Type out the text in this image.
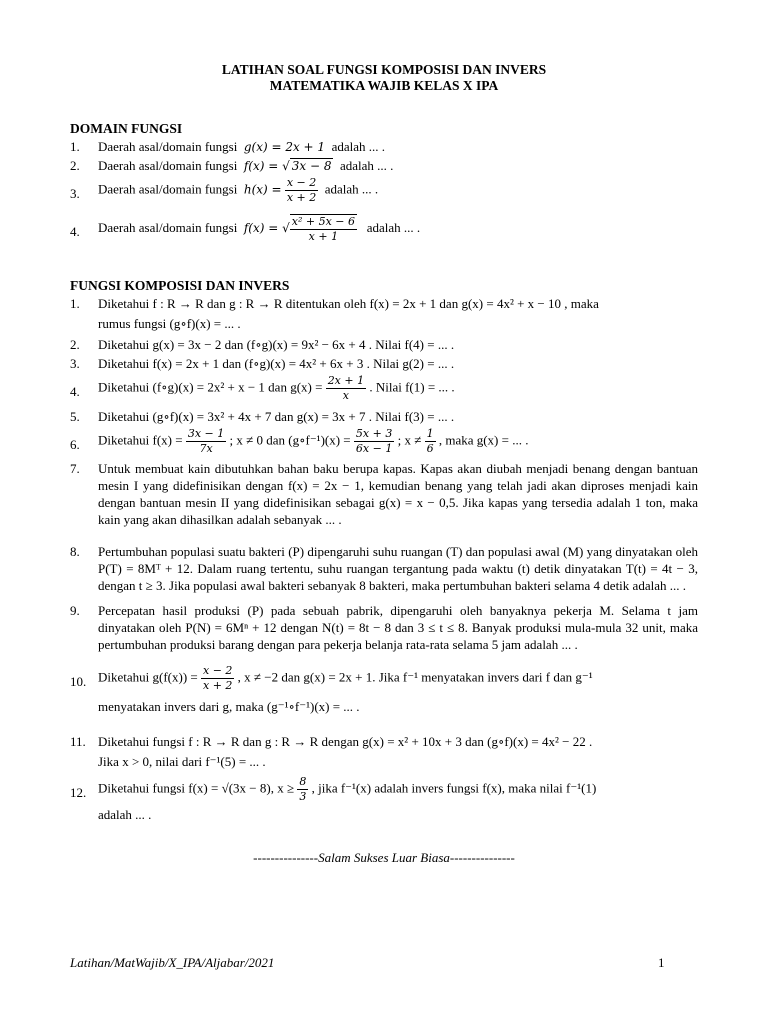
LATIHAN SOAL FUNGSI KOMPOSISI DAN INVERS
MATEMATIKA WAJIB KELAS X IPA
DOMAIN FUNGSI
1. Daerah asal/domain fungsi g(x) = 2x + 1 adalah ... .
2. Daerah asal/domain fungsi f(x) = √ 3x − 8 adalah ... .
3. Daerah asal/domain fungsi $h(x) = \frac{x - 2}{x + 2}$ adalah ... .
4. Daerah asal/domain fungsi f(x) = √ $\frac{\text{x² + 5x − 6}}{x + 1}$ adalah ... .
FUNGSI KOMPOSISI DAN INVERS
1. Diketahui f : R → R dan g : R → R ditentukan oleh f(x) = 2x + 1 dan g(x) = 4x² + x − 10 , maka
rumus fungsi (g∘f)(x) = ... .
2. Diketahui g(x) = 3x − 2 dan (f∘g)(x) = 9x² − 6x + 4 . Nilai f(4) = ... .
3. Diketahui f(x) = 2x + 1 dan (f∘g)(x) = 4x² + 6x + 3 . Nilai g(2) = ... .
4. Diketahui (f∘g)(x) = 2x² + x − 1 dan $g(x) = \frac{2x + 1}{x}$ . Nilai f(1) = ... .
5. Diketahui (g∘f)(x) = 3x² + 4x + 7 dan g(x) = 3x + 7 . Nilai f(3) = ... .
6. Diketahui $f(x) = \frac{3x - 1}{7x}$ ; x ≠ 0 dan (g∘f⁻¹)(x) = $\frac{5x + 3}{6x - 1}$ ; $x \ne \frac{1}{6}$ , maka g(x) = ... .
7. Untuk membuat kain dibutuhkan bahan baku berupa kapas. Kapas akan diubah menjadi benang dengan bantuan mesin I yang didefinisikan dengan f(x) = 2x − 1, kemudian benang yang telah jadi akan diproses menjadi kain dengan bantuan mesin II yang didefinisikan sebagai g(x) = x − 0,5. Jika kapas yang tersedia adalah 1 ton, maka kain yang akan dihasilkan adalah sebanyak ... .
8. Pertumbuhan populasi suatu bakteri (P) dipengaruhi suhu ruangan (T) dan populasi awal (M) yang dinyatakan oleh P(T) = 8Mᵀ + 12. Dalam ruang tertentu, suhu ruangan tergantung pada waktu (t) detik dinyatakan T(t) = 4t − 3, dengan t ≥ 3. Jika populasi awal bakteri sebanyak 8 bakteri, maka pertumbuhan bakteri selama 4 detik adalah ... .
9. Percepatan hasil produksi (P) pada sebuah pabrik, dipengaruhi oleh banyaknya pekerja M. Selama t jam dinyatakan oleh P(N) = 6Mⁿ + 12 dengan N(t) = 8t − 8 dan 3 ≤ t ≤ 8. Banyak produksi mula-mula 32 unit, maka pertumbuhan produksi barang dengan para pekerja belanja rata-rata selama 5 jam adalah ... .
10. Diketahui $g(f(x)) = \frac{x - 2}{x + 2}$ , x ≠ −2 dan g(x) = 2x + 1. Jika f⁻¹ menyatakan invers dari f dan g⁻¹
menyatakan invers dari g, maka (g⁻¹∘f⁻¹)(x) = ... .
11. Diketahui fungsi f : R → R dan g : R → R dengan g(x) = x² + 10x + 3 dan (g∘f)(x) = 4x² − 22 .
Jika x > 0, nilai dari f⁻¹(5) = ... .
12. Diketahui fungsi f(x) = √(3x − 8), $x \ge \frac{8}{3}$ , jika f⁻¹(x) adalah invers fungsi f(x), maka nilai f⁻¹(1)
adalah ... .
---------------Salam Sukses Luar Biasa---------------
Latihan/MatWajib/X_IPA/Aljabar/2021	1
